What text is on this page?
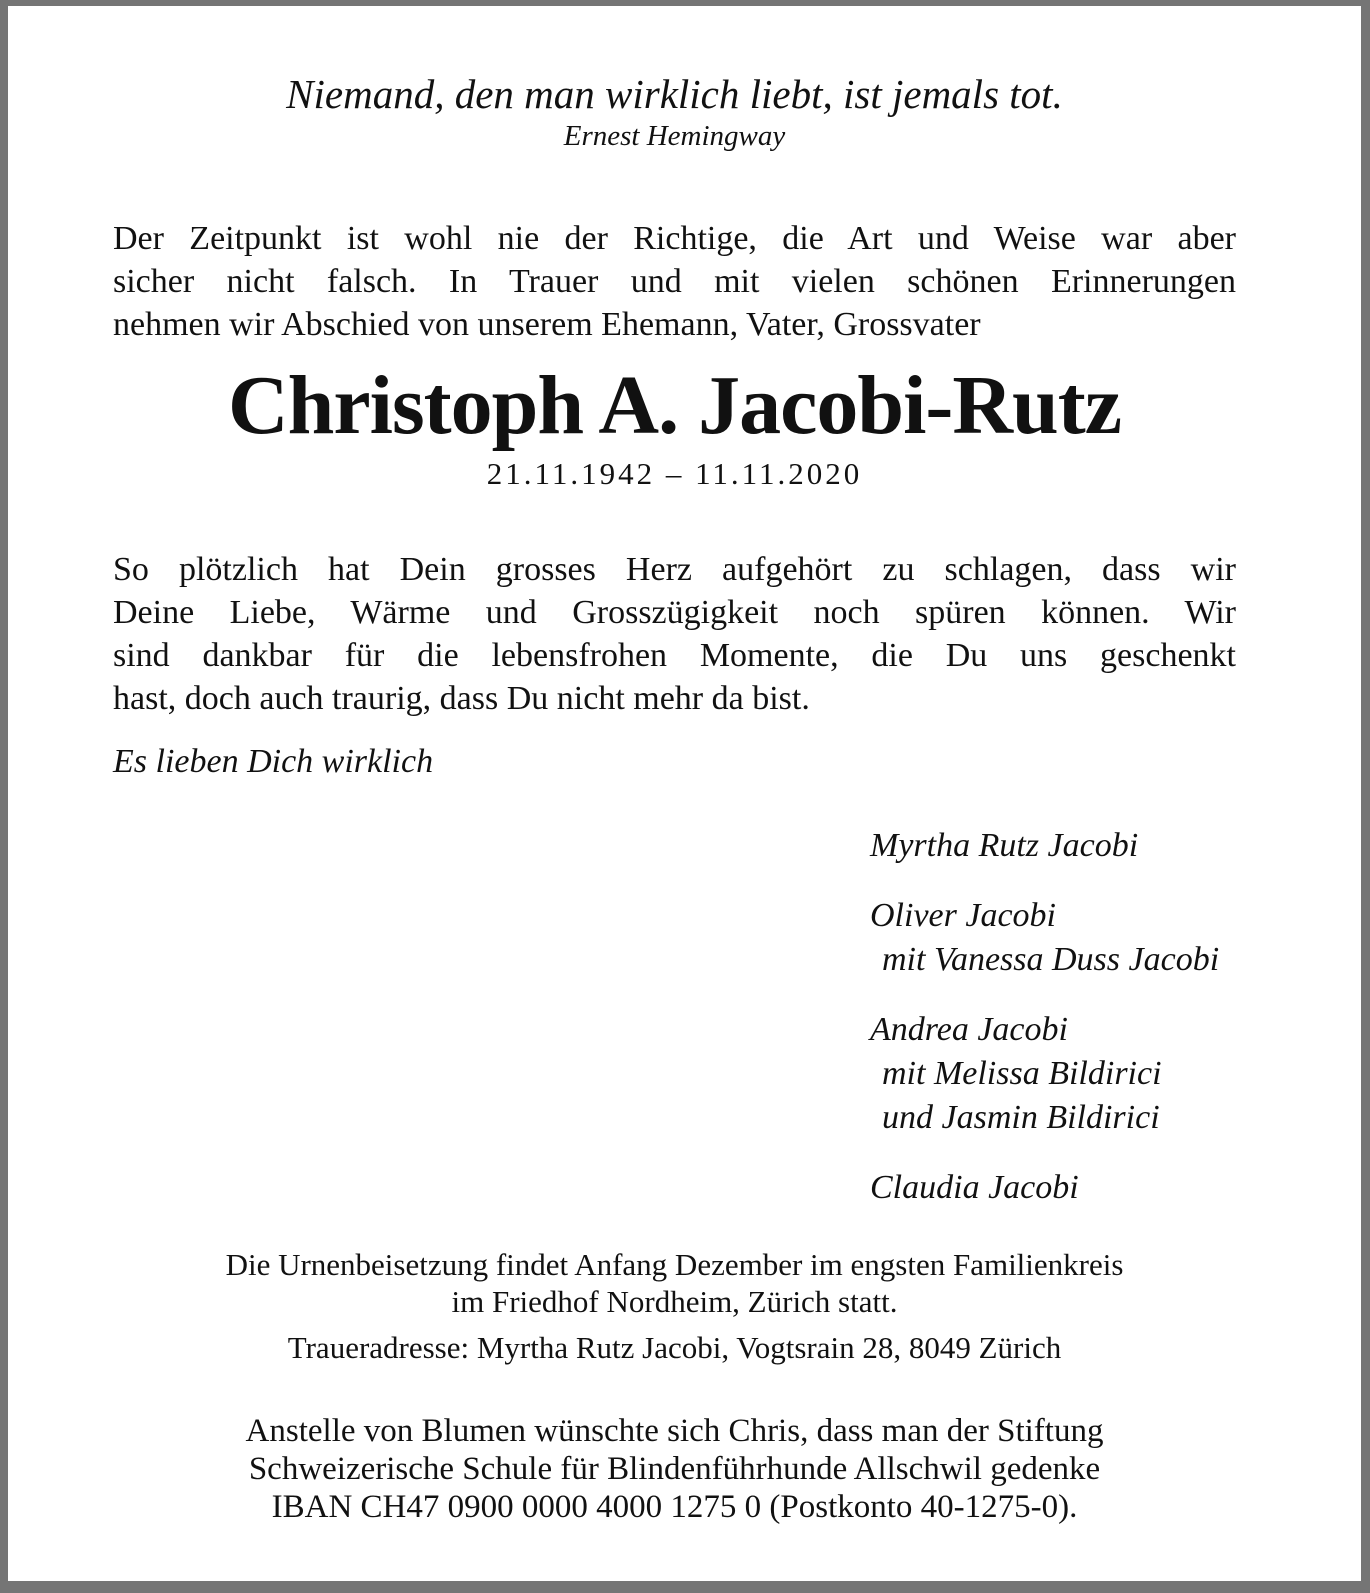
Niemand, den man wirklich liebt, ist jemals tot.
Ernest Hemingway
Der Zeitpunkt ist wohl nie der Richtige, die Art und Weise war aber
sicher nicht falsch. In Trauer und mit vielen schönen Erinnerungen
nehmen wir Abschied von unserem Ehemann, Vater, Grossvater
Christoph A. Jacobi-Rutz
21.11.1942 – 11.11.2020
So plötzlich hat Dein grosses Herz aufgehört zu schlagen, dass wir
Deine Liebe, Wärme und Grosszügigkeit noch spüren können. Wir
sind dankbar für die lebensfrohen Momente, die Du uns geschenkt
hast, doch auch traurig, dass Du nicht mehr da bist.
Es lieben Dich wirklich
Myrtha Rutz Jacobi
Oliver Jacobi
mit Vanessa Duss Jacobi
Andrea Jacobi
mit Melissa Bildirici
und Jasmin Bildirici
Claudia Jacobi
Die Urnenbeisetzung findet Anfang Dezember im engsten Familienkreis
im Friedhof Nordheim, Zürich statt.
Traueradresse: Myrtha Rutz Jacobi, Vogtsrain 28, 8049 Zürich
Anstelle von Blumen wünschte sich Chris, dass man der Stiftung
Schweizerische Schule für Blindenführhunde Allschwil gedenke
IBAN CH47 0900 0000 4000 1275 0 (Postkonto 40-1275-0).
